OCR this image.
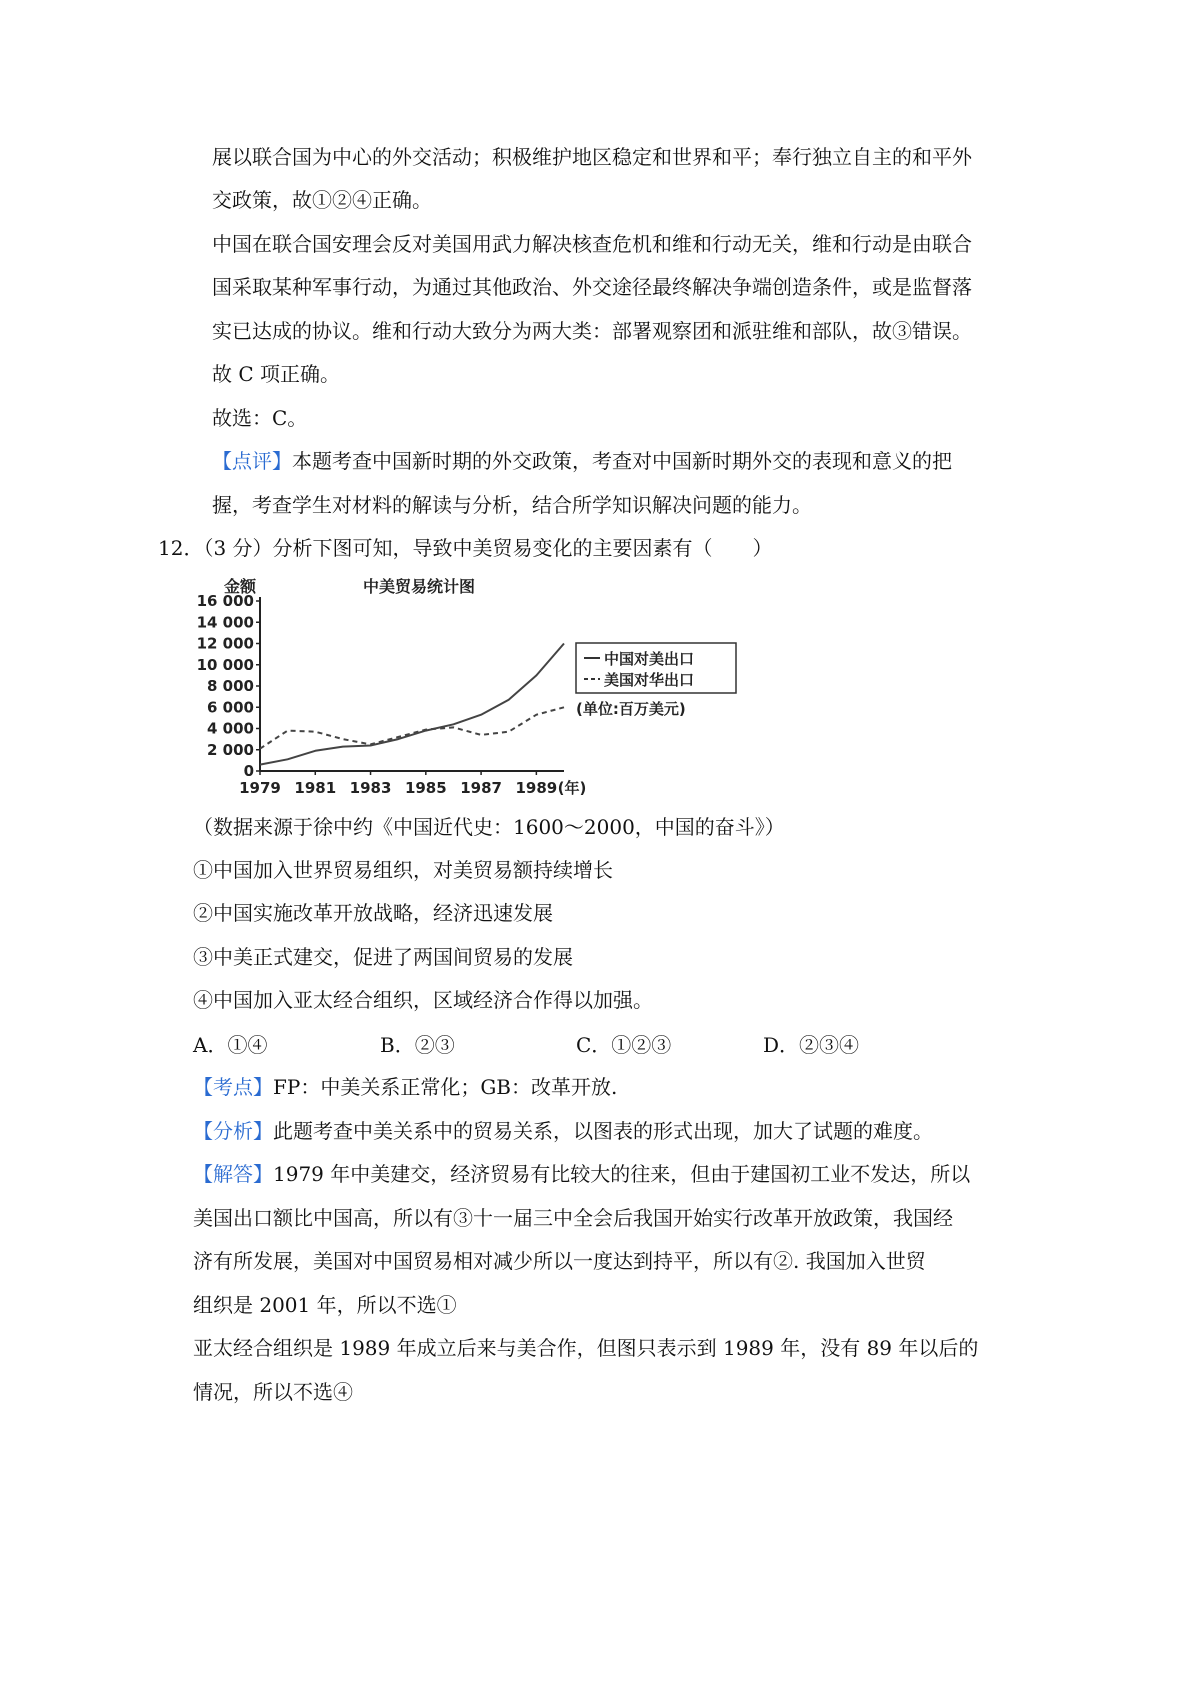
展以联合国为中心的外交活动；积极维护地区稳定和世界和平；奉行独立自主的和平外
交政策，故①②④正确。
中国在联合国安理会反对美国用武力解决核查危机和维和行动无关，维和行动是由联合
国采取某种军事行动，为通过其他政治、外交途径最终解决争端创造条件，或是监督落
实已达成的协议。维和行动大致分为两大类：部署观察团和派驻维和部队，故③错误。
故 C 项正确。
故选：C。
【点评】本题考查中国新时期的外交政策，考查对中国新时期外交的表现和意义的把
握，考查学生对材料的解读与分析，结合所学知识解决问题的能力。
12．（3 分）分析下图可知，导致中美贸易变化的主要因素有（　　）
金额	中美贸易统计图
0
2 000
4 000
6 000
8 000
10 000
12 000
14 000
16 000
1979 1981 1983 1985 1987 1989 (年)
中国对美出口
美国对华出口
(单位:百万美元)
（数据来源于徐中约《中国近代史：1600～2000，中国的奋斗》）
①中国加入世界贸易组织，对美贸易额持续增长
②中国实施改革开放战略，经济迅速发展
③中美正式建交，促进了两国间贸易的发展
④中国加入亚太经合组织，区域经济合作得以加强。
A．①④	B．②③	C．①②③	D．②③④
【考点】FP：中美关系正常化；GB：改革开放.
【分析】此题考查中美关系中的贸易关系，以图表的形式出现，加大了试题的难度。
【解答】1979 年中美建交，经济贸易有比较大的往来，但由于建国初工业不发达，所以
美国出口额比中国高，所以有③十一届三中全会后我国开始实行改革开放政策，我国经
济有所发展，美国对中国贸易相对减少所以一度达到持平，所以有②. 我国加入世贸
组织是 2001 年，所以不选①
亚太经合组织是 1989 年成立后来与美合作，但图只表示到 1989 年，没有 89 年以后的
情况，所以不选④
